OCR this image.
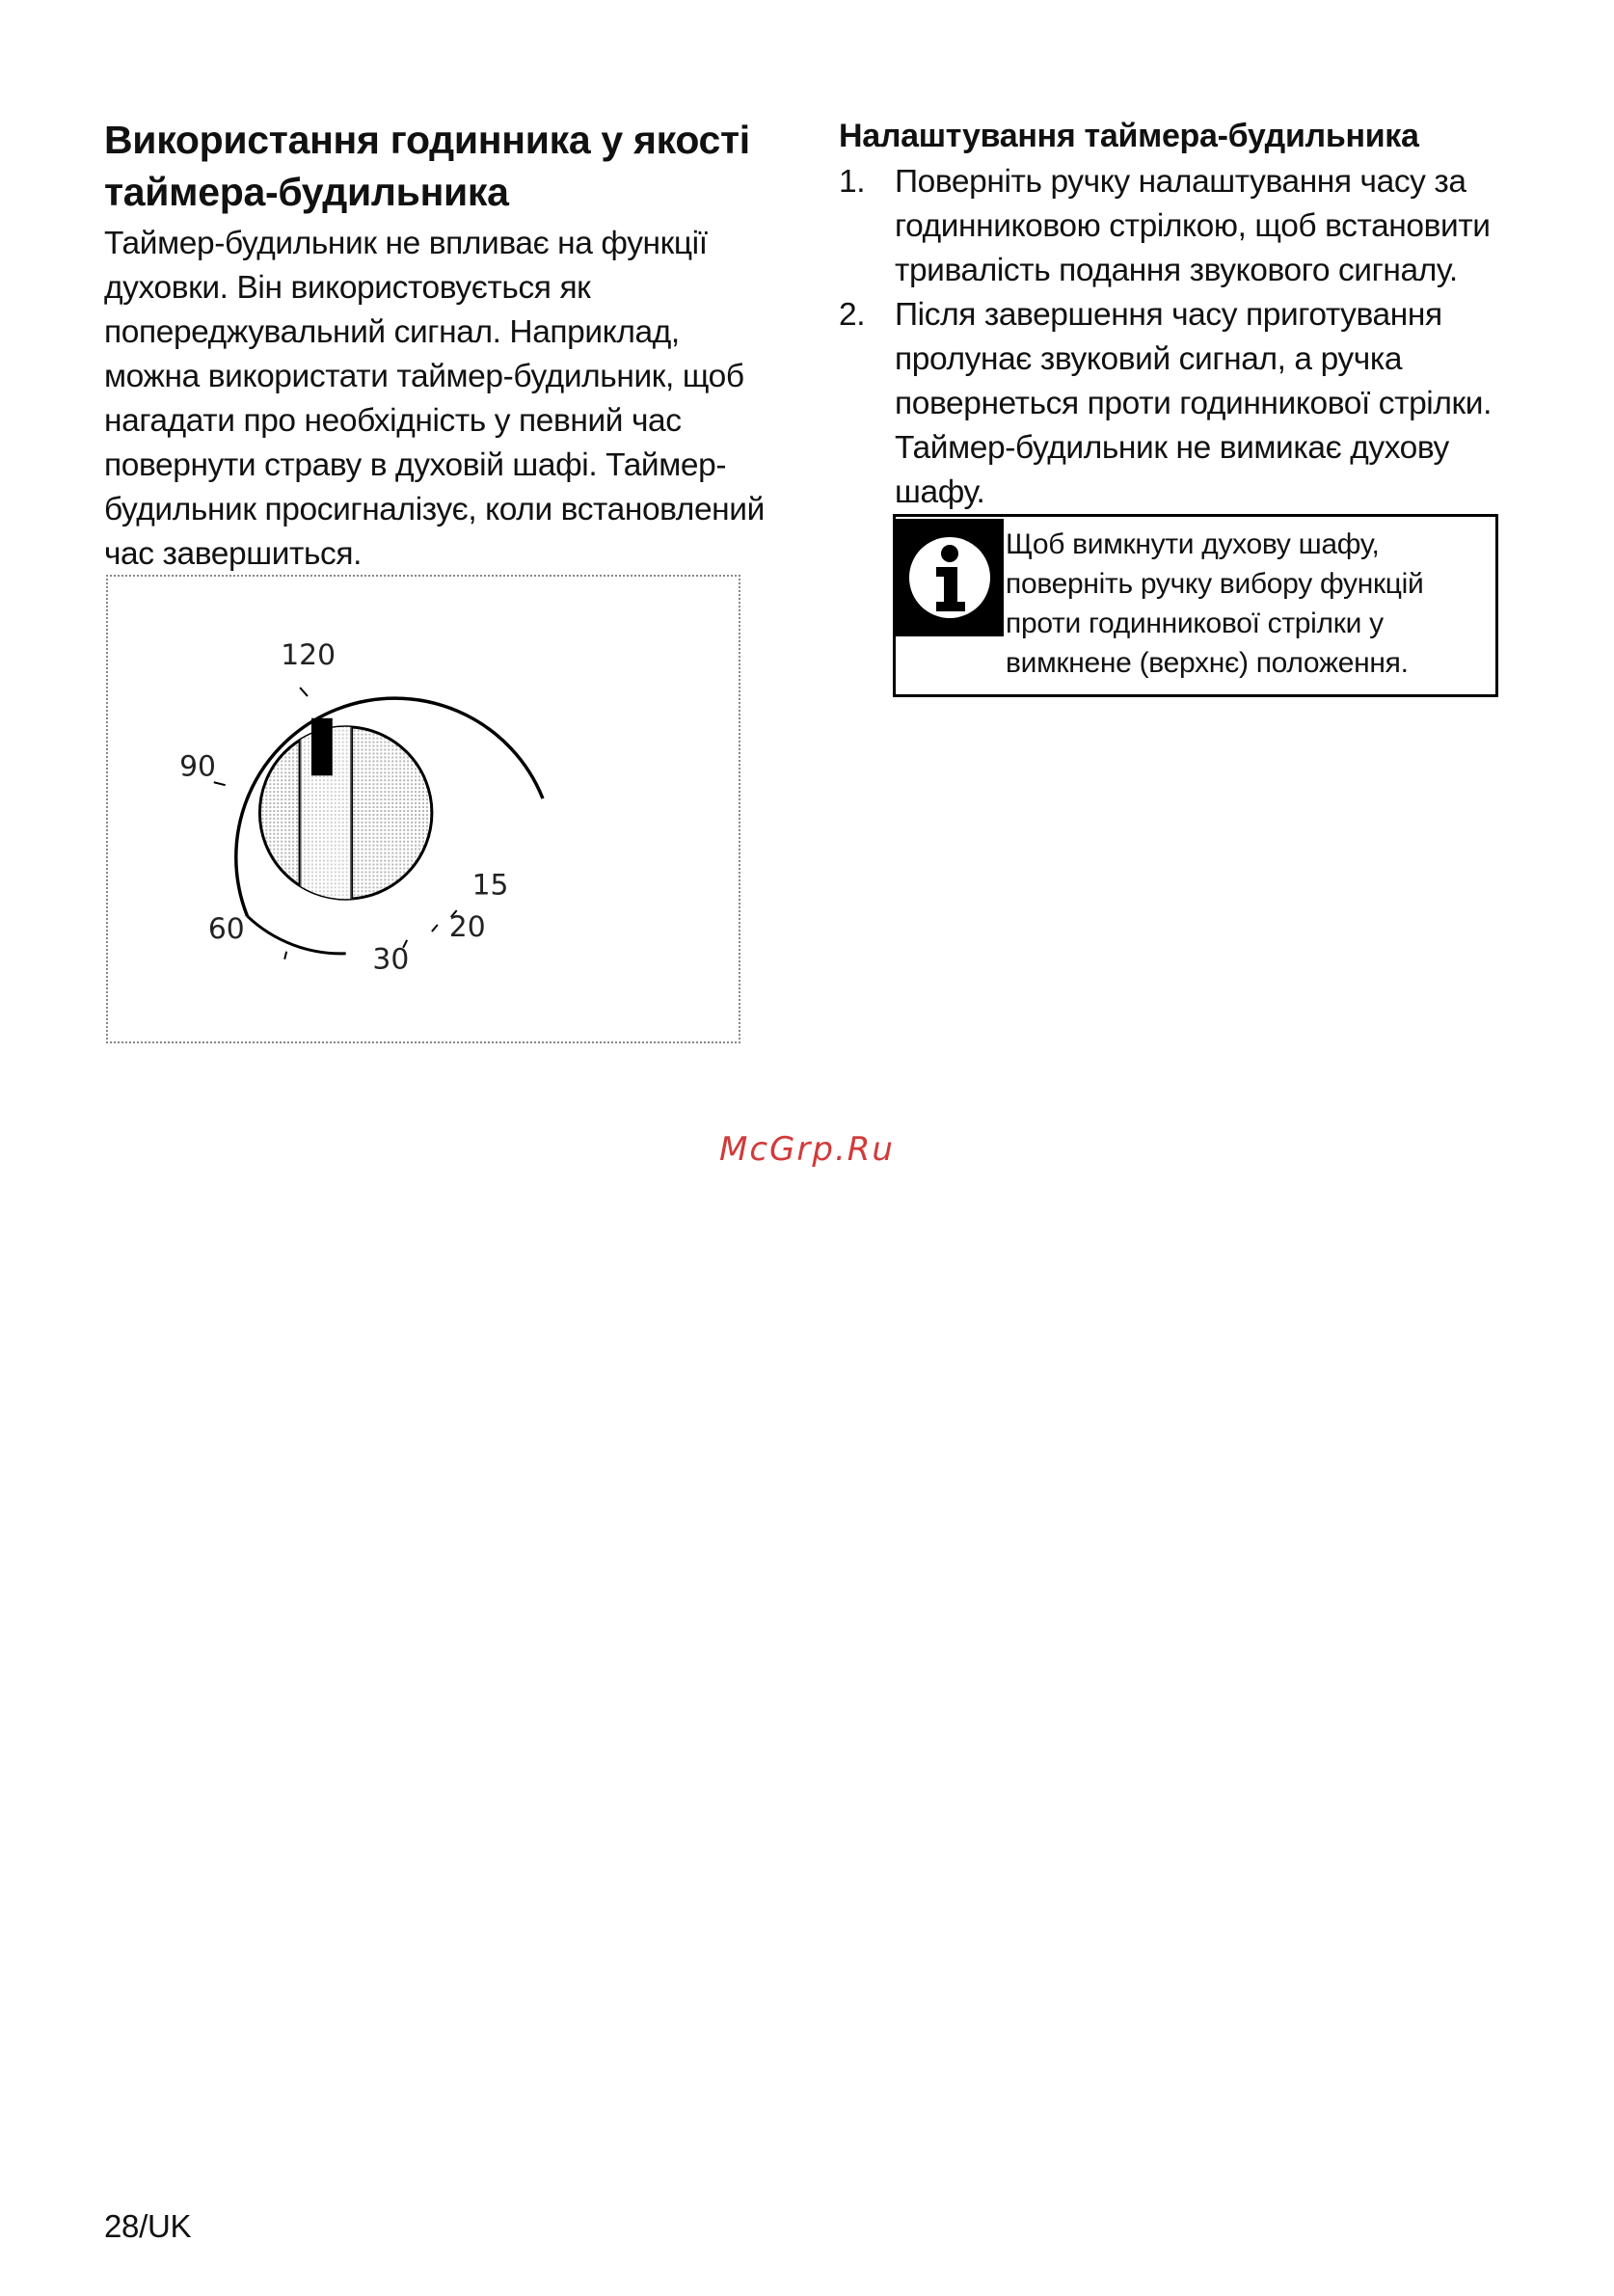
Використання годинника у якості
таймера-будильника

Таймер-будильник не впливає на функції
духовки. Він використовується як
попереджувальний сигнал. Наприклад,
можна використати таймер-будильник, щоб
нагадати про необхідність у певний час
повернути страву в духовій шафі. Таймер-
будильник просигналізує, коли встановлений
час завершиться.

120
90
60
30
20
15
Налаштування таймера-будильника
1. Поверніть ручку налаштування часу за
годинниковою стрілкою, щоб встановити
тривалість подання звукового сигналу.
2. Після завершення часу приготування
пролунає звуковий сигнал, а ручка
повернеться проти годинникової стрілки.
Таймер-будильник не вимикає духову
шафу.
Щоб вимкнути духову шафу,
поверніть ручку вибору функцій
проти годинникової стрілки у
вимкнене (верхнє) положення.
McGrp.Ru
28/UK
